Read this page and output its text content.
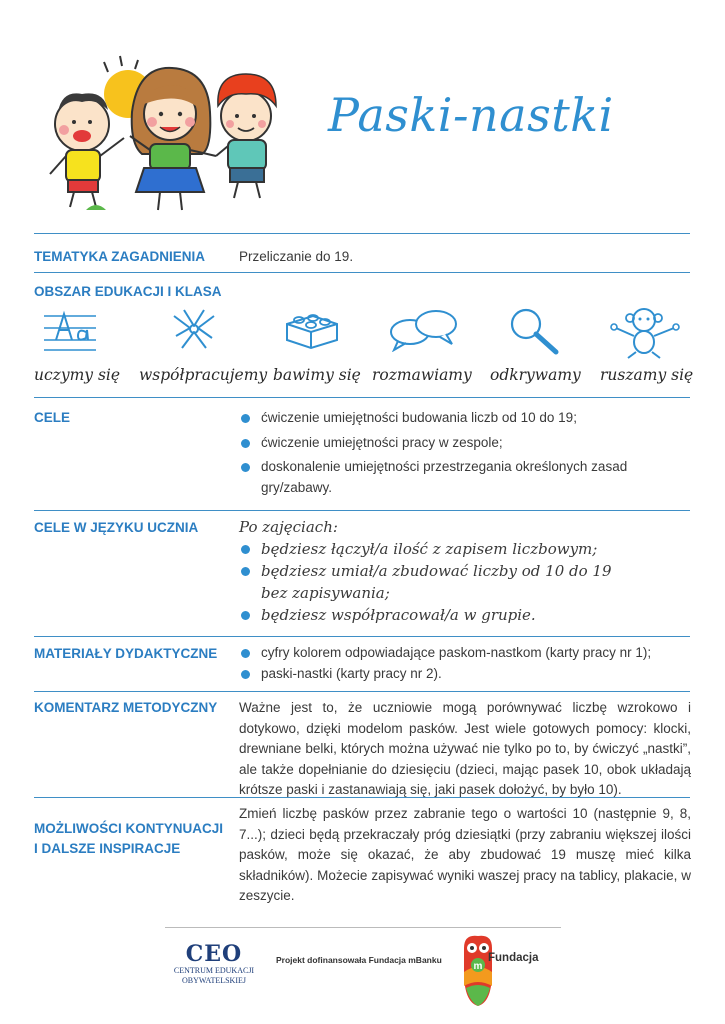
Paski-nastki
TEMATYKA ZAGADNIENIA	Przeliczanie do 19.
OBSZAR EDUKACJI I KLASA
uczymy się współpracujemy bawimy się rozmawiamy odkrywamy ruszamy się
CELE	ćwiczenie umiejętności budowania liczb od 10 do 19;
ćwiczenie umiejętności pracy w zespole;
doskonalenie umiejętności przestrzegania określonych zasad gry/zabawy.
CELE W JĘZYKU UCZNIA	Po zajęciach:
będziesz łączył/a ilość z zapisem liczbowym;
będziesz umiał/a zbudować liczby od 10 do 19 bez zapisywania;
będziesz współpracował/a w grupie.
MATERIAŁY DYDAKTYCZNE	cyfry kolorem odpowiadające paskom-nastkom (karty pracy nr 1);
paski-nastki (karty pracy nr 2).
KOMENTARZ METODYCZNY Ważne jest to, że uczniowie mogą porównywać liczbę wzrokowo i dotykowo, dzięki modelom pasków. Jest wiele gotowych pomocy: klocki, drewniane belki, których można używać nie tylko po to, by ćwiczyć „nastki”, ale także dopełnianie do dziesięciu (dzieci, mając pasek 10, obok układają krótsze paski i zastanawiają się, jaki pasek dołożyć, by było 10).
MOŻLIWOŚCI KONTYNUACJI
I DALSZE INSPIRACJE
Zmień liczbę pasków przez zabranie tego o wartości 10 (następnie 9, 8, 7...); dzieci będą przekraczały próg dziesiątki (przy zabraniu większej ilości pasków, może się okazać, że aby zbudować 19 muszę mieć kilka składników). Możecie zapisywać wyniki waszej pracy na tablicy, plakacie, w zeszycie.
CEO
CENTRUM EDUKACJI
OBYWATELSKIEJ
Projekt dofinansowała Fundacja mBanku
m
Fundacja
